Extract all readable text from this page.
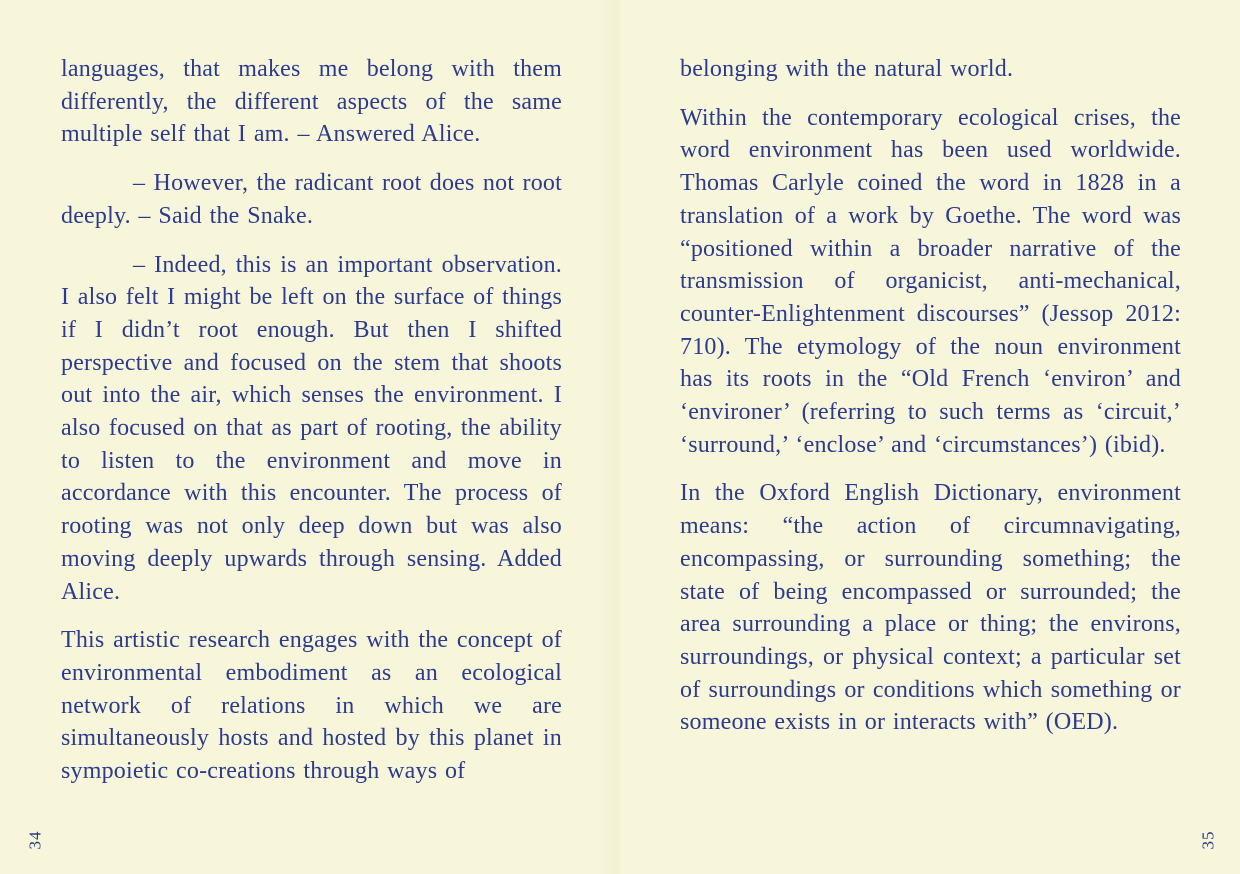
languages, that makes me belong with them differently, the different aspects of the same multiple self that I am. – Answered Alice.

– However, the radicant root does not root deeply. – Said the Snake.

– Indeed, this is an important observation. I also felt I might be left on the surface of things if I didn’t root enough. But then I shifted perspective and focused on the stem that shoots out into the air, which senses the environment. I also focused on that as part of rooting, the ability to listen to the environment and move in accordance with this encounter. The process of rooting was not only deep down but was also moving deeply upwards through sensing. Added Alice.

This artistic research engages with the concept of environmental embodiment as an ecological network of relations in which we are simultaneously hosts and hosted by this planet in sympoietic co-creations through ways of

34

belonging with the natural world.

Within the contemporary ecological crises, the word environment has been used worldwide. Thomas Carlyle coined the word in 1828 in a translation of a work by Goethe. The word was “positioned within a broader narrative of the transmission of organicist, anti-mechanical, counter-Enlightenment discourses” (Jessop 2012: 710). The etymology of the noun environment has its roots in the “Old French ‘environ’ and ‘environer’ (referring to such terms as ‘circuit,’ ‘surround,’ ‘enclose’ and ‘circumstances’) (ibid).

In the Oxford English Dictionary, environment means: “the action of circumnavigating, encompassing, or surrounding something; the state of being encompassed or surrounded; the area surrounding a place or thing; the environs, surroundings, or physical context; a particular set of surroundings or conditions which something or someone exists in or interacts with” (OED).

35
